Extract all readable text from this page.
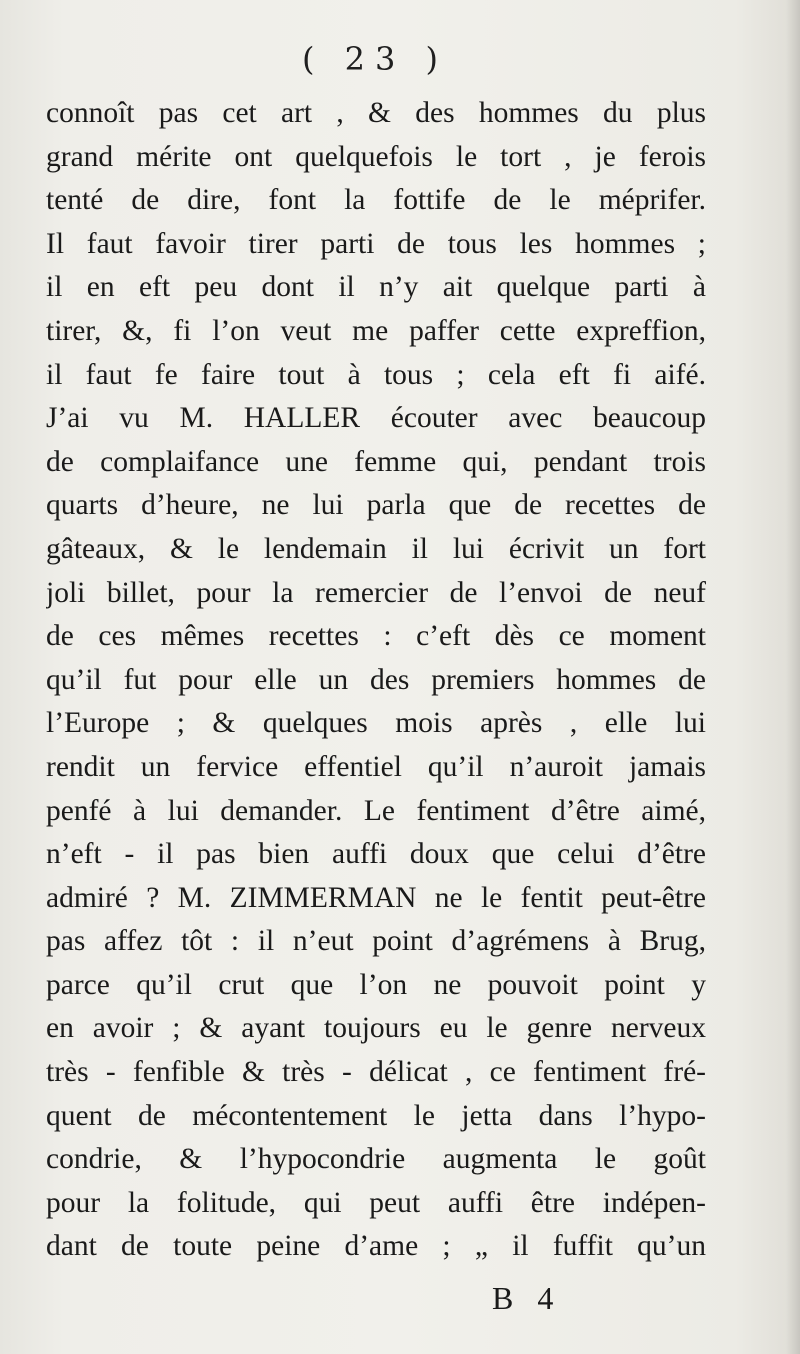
( 23 )
connoît pas cet art , & des hommes du plus
grand mérite ont quelquefois le tort , je ferois
tenté de dire, font la fottife de le méprifer.
Il faut favoir tirer parti de tous les hommes ;
il en eft peu dont il n’y ait quelque parti à
tirer, &, fi l’on veut me paffer cette expreffion,
il faut fe faire tout à tous ; cela eft fi aifé.
J’ai vu M. HALLER écouter avec beaucoup
de complaifance une femme qui, pendant trois
quarts d’heure, ne lui parla que de recettes de
gâteaux, & le lendemain il lui écrivit un fort
joli billet, pour la remercier de l’envoi de neuf
de ces mêmes recettes : c’eft dès ce moment
qu’il fut pour elle un des premiers hommes de
l’Europe ; & quelques mois après , elle lui
rendit un fervice effentiel qu’il n’auroit jamais
penfé à lui demander. Le fentiment d’être aimé,
n’eft - il pas bien auffi doux que celui d’être
admiré ? M. ZIMMERMAN ne le fentit peut-être
pas affez tôt : il n’eut point d’agrémens à Brug,
parce qu’il crut que l’on ne pouvoit point y
en avoir ; & ayant toujours eu le genre nerveux
très - fenfible & très - délicat , ce fentiment fré-
quent de mécontentement le jetta dans l’hypo-
condrie, & l’hypocondrie augmenta le goût
pour la folitude, qui peut auffi être indépen-
dant de toute peine d’ame ; „ il fuffit qu’un
B 4
